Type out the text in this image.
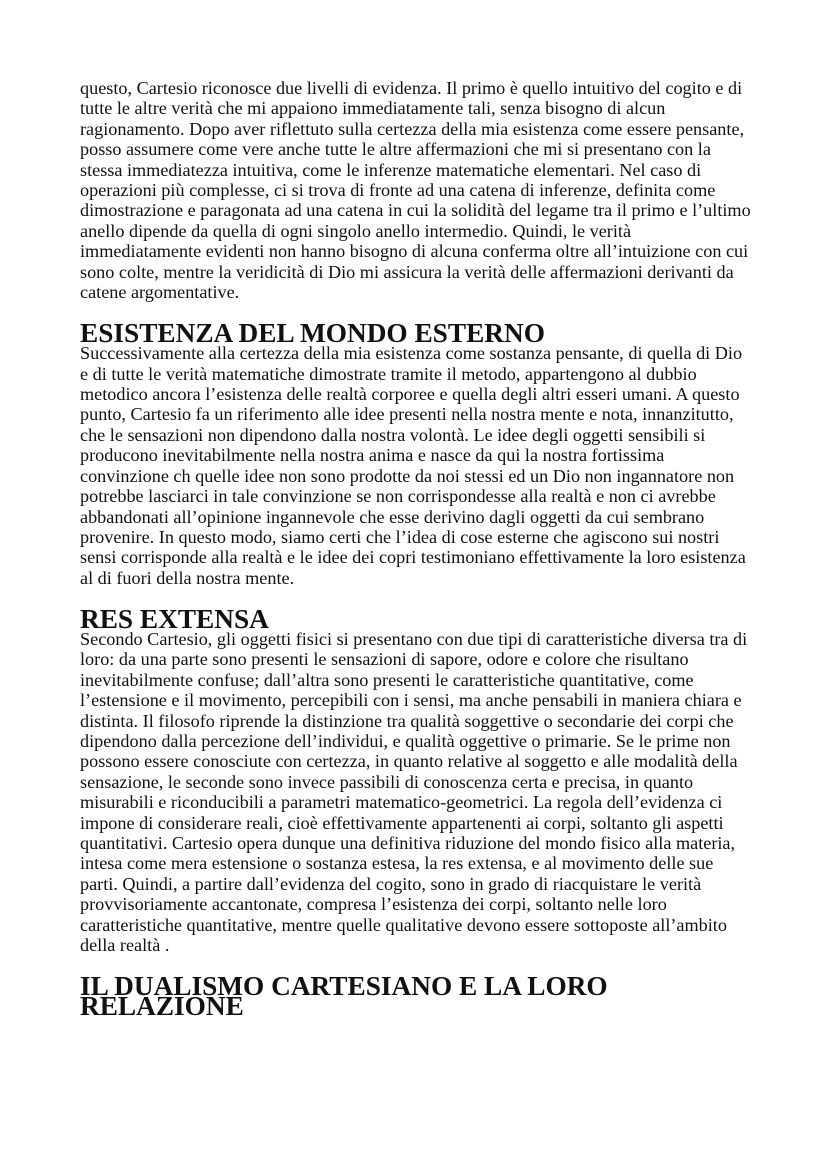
questo, Cartesio riconosce due livelli di evidenza. Il primo è quello intuitivo del cogito e di tutte le altre verità che mi appaiono immediatamente tali, senza bisogno di alcun ragionamento. Dopo aver riflettuto sulla certezza della mia esistenza come essere pensante, posso assumere come vere anche tutte le altre affermazioni che mi si presentano con la stessa immediatezza intuitiva, come le inferenze matematiche elementari. Nel caso di operazioni più complesse, ci si trova di fronte ad una catena di inferenze, definita come dimostrazione e paragonata ad una catena in cui la solidità del legame tra il primo e l’ultimo anello dipende da quella di ogni singolo anello intermedio. Quindi, le verità immediatamente evidenti non hanno bisogno di alcuna conferma oltre all’intuizione con cui sono colte, mentre la veridicità di Dio mi assicura la verità delle affermazioni derivanti da catene argomentative.

ESISTENZA DEL MONDO ESTERNO

Successivamente alla certezza della mia esistenza come sostanza pensante, di quella di Dio e di tutte le verità matematiche dimostrate tramite il metodo, appartengono al dubbio metodico ancora l’esistenza delle realtà corporee e quella degli altri esseri umani. A questo punto, Cartesio fa un riferimento alle idee presenti nella nostra mente e nota, innanzitutto, che le sensazioni non dipendono dalla nostra volontà. Le idee degli oggetti sensibili si producono inevitabilmente nella nostra anima e nasce da qui la nostra fortissima convinzione ch quelle idee non sono prodotte da noi stessi ed un Dio non ingannatore non potrebbe lasciarci in tale convinzione se non corrispondesse alla realtà e non ci avrebbe abbandonati all’opinione ingannevole che esse derivino dagli oggetti da cui sembrano provenire. In questo modo, siamo certi che l’idea di cose esterne che agiscono sui nostri sensi corrisponde alla realtà e le idee dei copri testimoniano effettivamente la loro esistenza al di fuori della nostra mente.

RES EXTENSA

Secondo Cartesio, gli oggetti fisici si presentano con due tipi di caratteristiche diversa tra di loro: da una parte sono presenti le sensazioni di sapore, odore e colore che risultano inevitabilmente confuse; dall’altra sono presenti le caratteristiche quantitative, come l’estensione e il movimento, percepibili con i sensi, ma anche pensabili in maniera chiara e distinta. Il filosofo riprende la distinzione tra qualità soggettive o secondarie dei corpi che dipendono dalla percezione dell’individui, e qualità oggettive o primarie. Se le prime non possono essere conosciute con certezza, in quanto relative al soggetto e alle modalità della sensazione, le seconde sono invece passibili di conoscenza certa e precisa, in quanto misurabili e riconducibili a parametri matematico-geometrici. La regola dell’evidenza ci impone di considerare reali, cioè effettivamente appartenenti ai corpi, soltanto gli aspetti quantitativi. Cartesio opera dunque una definitiva riduzione del mondo fisico alla materia, intesa come mera estensione o sostanza estesa, la res extensa, e al movimento delle sue parti. Quindi, a partire dall’evidenza del cogito, sono in grado di riacquistare le verità provvisoriamente accantonate, compresa l’esistenza dei corpi, soltanto nelle loro caratteristiche quantitative, mentre quelle qualitative devono essere sottoposte all’ambito della realtà .

IL DUALISMO CARTESIANO E LA LORO RELAZIONE
